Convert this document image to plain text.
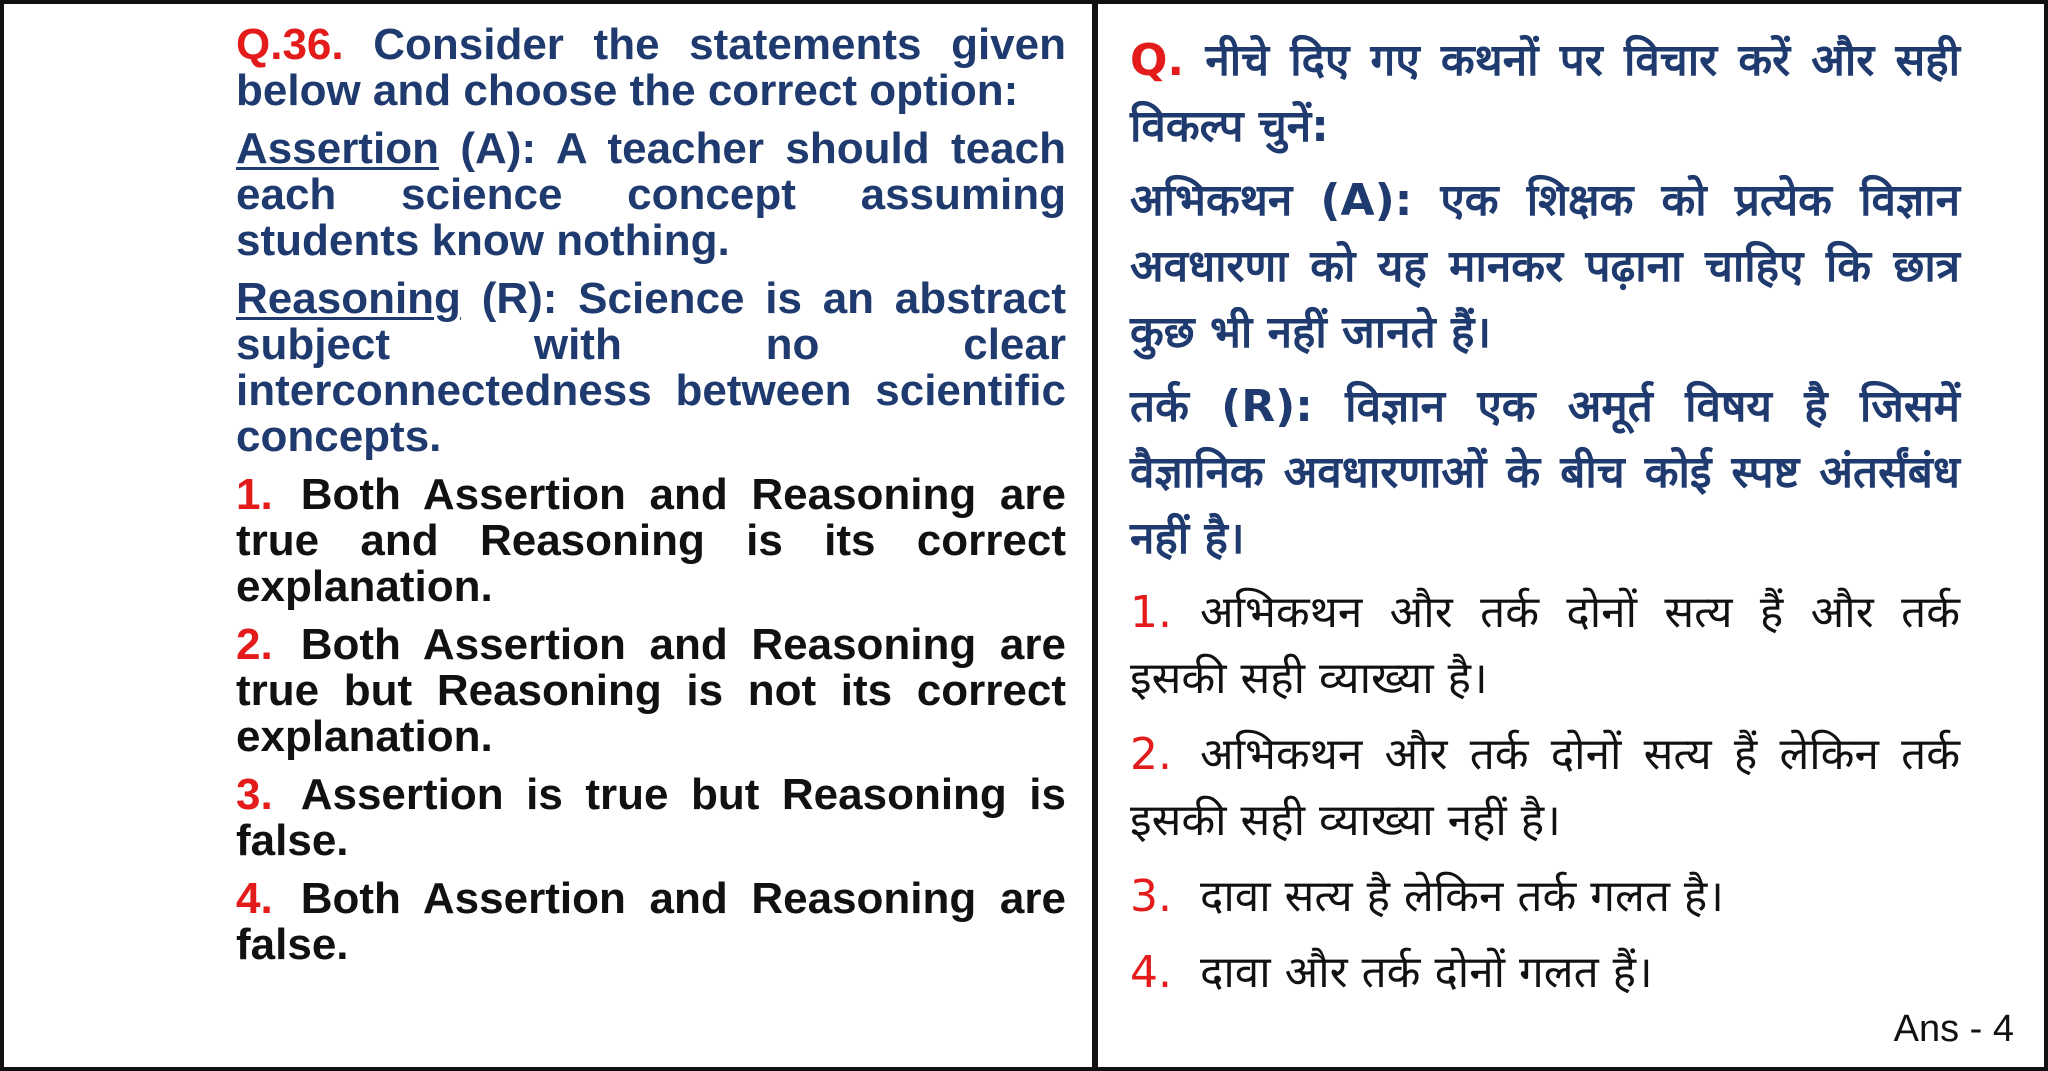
Q.36. Consider the statements given below and choose the correct option:
Assertion (A): A teacher should teach each science concept assuming students know nothing.
Reasoning (R): Science is an abstract subject with no clear interconnectedness between scientific concepts.
1. Both Assertion and Reasoning are true and Reasoning is its correct explanation.
2. Both Assertion and Reasoning are true but Reasoning is not its correct explanation.
3. Assertion is true but Reasoning is false.
4. Both Assertion and Reasoning are false.
Q. नीचे दिए गए कथनों पर विचार करें और सही विकल्प चुनें:
अभिकथन (A): एक शिक्षक को प्रत्येक विज्ञान अवधारणा को यह मानकर पढ़ाना चाहिए कि छात्र कुछ भी नहीं जानते हैं।
तर्क (R): विज्ञान एक अमूर्त विषय है जिसमें वैज्ञानिक अवधारणाओं के बीच कोई स्पष्ट अंतर्संबंध नहीं है।
1. अभिकथन और तर्क दोनों सत्य हैं और तर्क इसकी सही व्याख्या है।
2. अभिकथन और तर्क दोनों सत्य हैं लेकिन तर्क इसकी सही व्याख्या नहीं है।
3. दावा सत्य है लेकिन तर्क गलत है।
4. दावा और तर्क दोनों गलत हैं।
Ans - 4
